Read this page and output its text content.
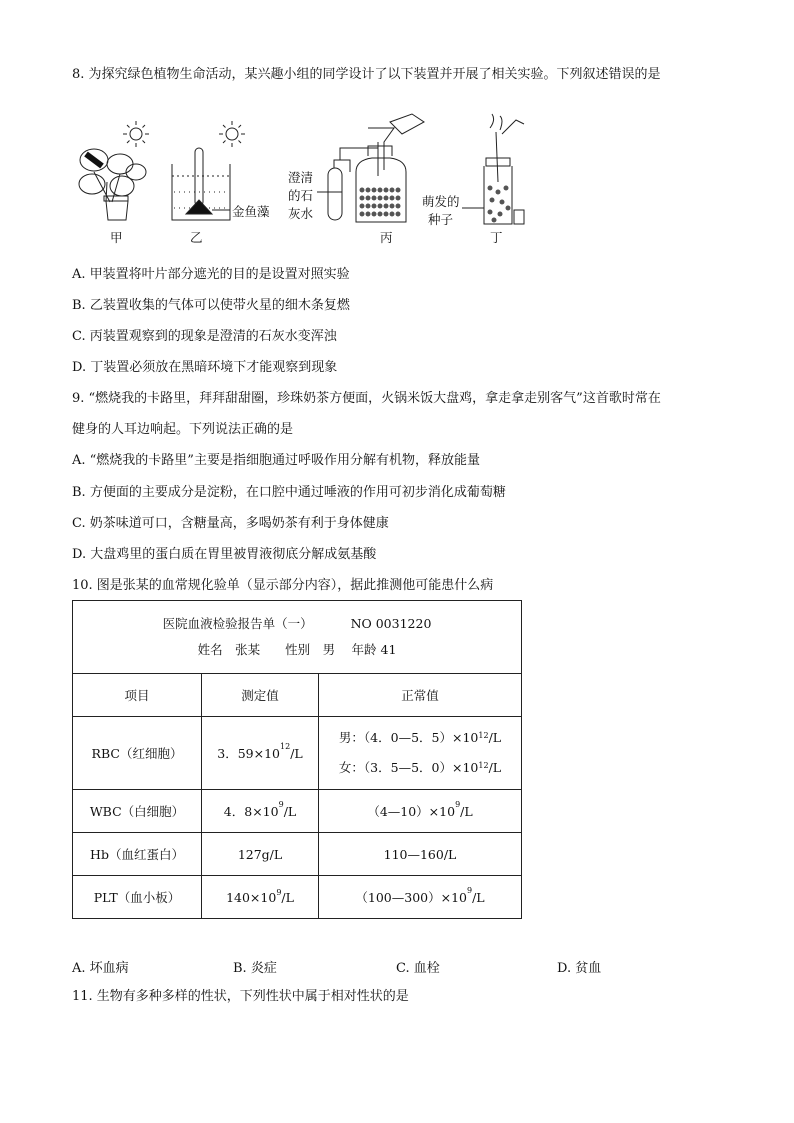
8. 为探究绿色植物生命活动，某兴趣小组的同学设计了以下装置并开展了相关实验。下列叙述错误的是
甲	乙	丙	丁
金鱼藻
澄清
的石
灰水
萌发的
种子
A. 甲装置将叶片部分遮光的目的是设置对照实验
B. 乙装置收集的气体可以使带火星的细木条复燃
C. 丙装置观察到的现象是澄清的石灰水变浑浊
D. 丁装置必须放在黑暗环境下才能观察到现象
9. “燃烧我的卡路里，拜拜甜甜圈，珍珠奶茶方便面，火锅米饭大盘鸡，拿走拿走别客气”这首歌时常在
健身的人耳边响起。下列说法正确的是
A. “燃烧我的卡路里”主要是指细胞通过呼吸作用分解有机物，释放能量
B. 方便面的主要成分是淀粉，在口腔中通过唾液的作用可初步消化成葡萄糖
C. 奶茶味道可口，含糖量高，多喝奶茶有利于身体健康
D. 大盘鸡里的蛋白质在胃里被胃液彻底分解成氨基酸
10. 图是张某的血常规化验单（显示部分内容），据此推测他可能患什么病
医院血液检验报告单（一） NO 0031220
姓名　张某　　性别　男　 年龄 41		

项目	测定值	正常值
RBC（红细胞）	3．$59\times 10^{12}/L$	男：（4．0—5．$5)\times 10^{12}/L$
女：（3．5—5．$0)\times 10^{12}/L$

WBC（白细胞）	4．$8\times 10^9/L$	$(4—10)\times 10^9/L$
Hb（血红蛋白）	127g/L	110—160/L
PLT（血小板）	$140\times 10^9/L$	$(100—300)\times 10^9/L$
A. 坏血病	B. 炎症	C. 血栓	D. 贫血
11. 生物有多种多样的性状，下列性状中属于相对性状的是
